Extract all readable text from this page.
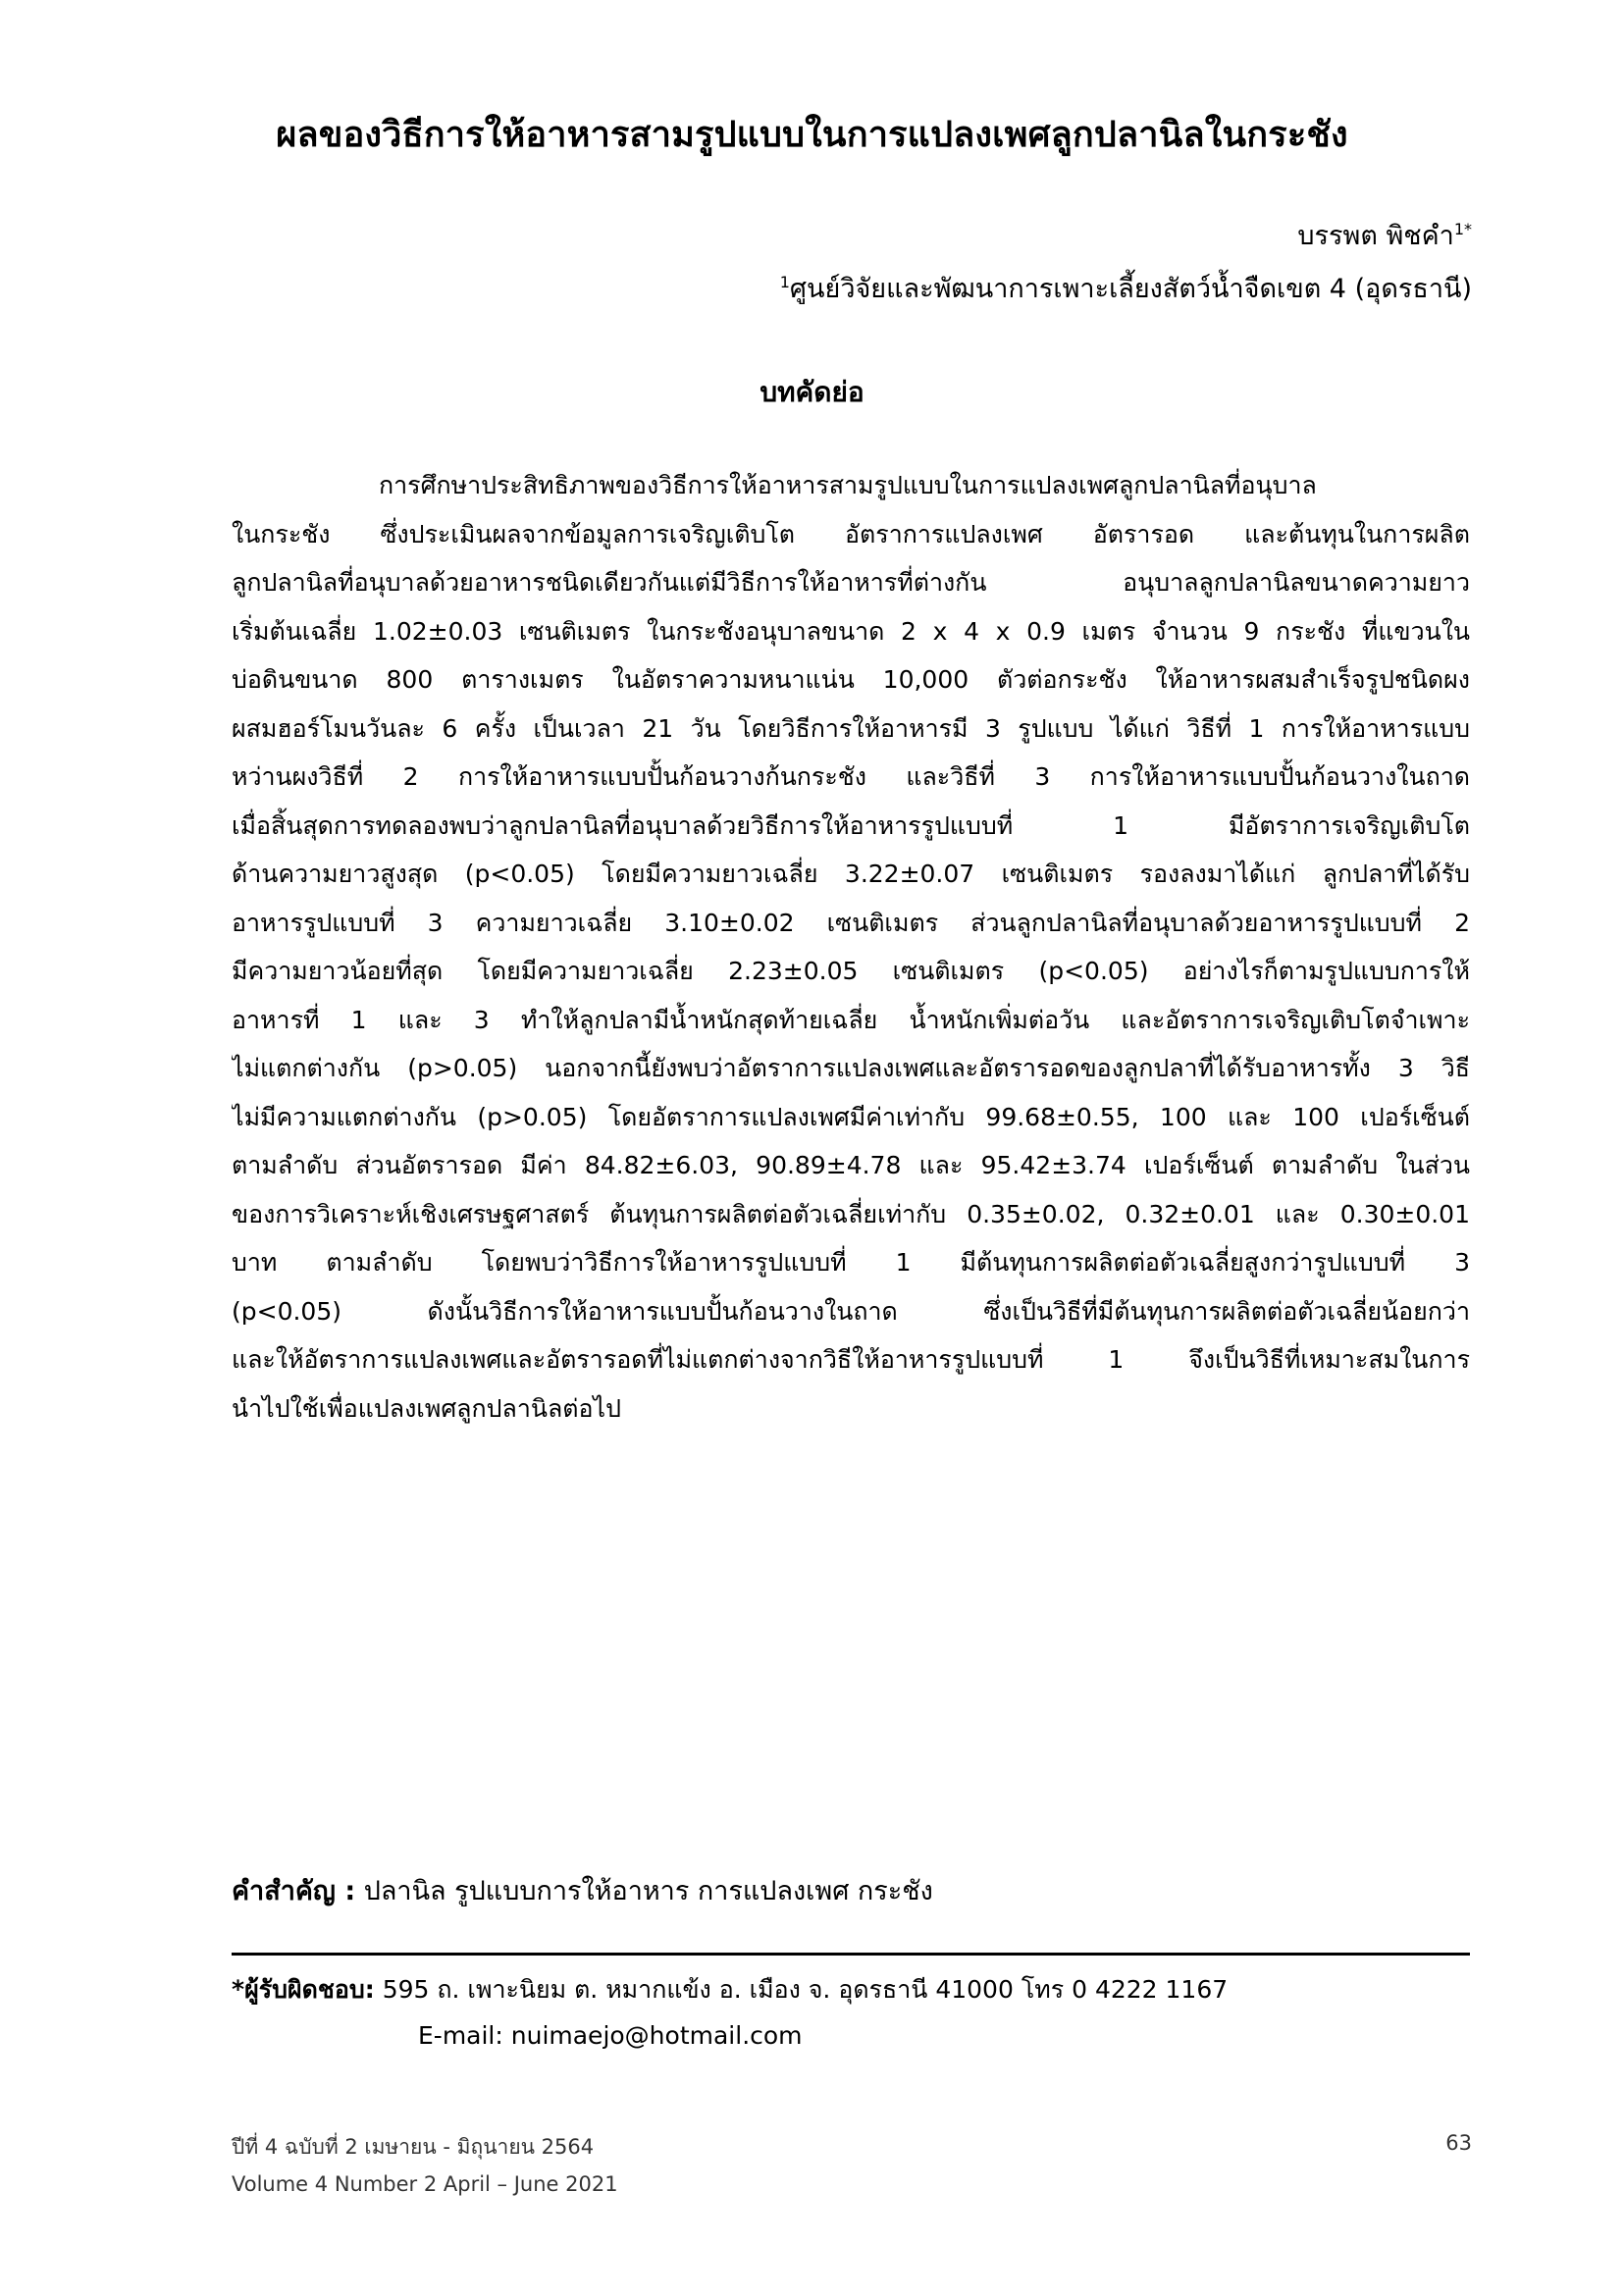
ผลของวิธีการให้อาหารสามรูปแบบในการแปลงเพศลูกปลานิลในกระชัง
บรรพต พิชคำ$^{1*}$
$^1$ศูนย์วิจัยและพัฒนาการเพาะเลี้ยงสัตว์น้ำจืดเขต 4 (อุดรธานี)
บทคัดย่อ
การศึกษาประสิทธิภาพของวิธีการให้อาหารสามรูปแบบในการแปลงเพศลูกปลานิลที่อนุบาล
ในกระชัง ซึ่งประเมินผลจากข้อมูลการเจริญเติบโต อัตราการแปลงเพศ อัตรารอด และต้นทุนในการผลิต
ลูกปลานิลที่อนุบาลด้วยอาหารชนิดเดียวกันแต่มีวิธีการให้อาหารที่ต่างกัน อนุบาลลูกปลานิลขนาดความยาว
เริ่มต้นเฉลี่ย 1.02±0.03 เซนติเมตร ในกระชังอนุบาลขนาด 2 x 4 x 0.9 เมตร จำนวน 9 กระชัง ที่แขวนใน
บ่อดินขนาด 800 ตารางเมตร ในอัตราความหนาแน่น 10,000 ตัวต่อกระชัง ให้อาหารผสมสำเร็จรูปชนิดผง
ผสมฮอร์โมนวันละ 6 ครั้ง เป็นเวลา 21 วัน โดยวิธีการให้อาหารมี 3 รูปแบบ ได้แก่ วิธีที่ 1 การให้อาหารแบบ
หว่านผงวิธีที่ 2 การให้อาหารแบบปั้นก้อนวางก้นกระชัง และวิธีที่ 3 การให้อาหารแบบปั้นก้อนวางในถาด
เมื่อสิ้นสุดการทดลองพบว่าลูกปลานิลที่อนุบาลด้วยวิธีการให้อาหารรูปแบบที่ 1 มีอัตราการเจริญเติบโต
ด้านความยาวสูงสุด (p<0.05) โดยมีความยาวเฉลี่ย 3.22±0.07 เซนติเมตร รองลงมาได้แก่ ลูกปลาที่ได้รับ
อาหารรูปแบบที่ 3 ความยาวเฉลี่ย 3.10±0.02 เซนติเมตร ส่วนลูกปลานิลที่อนุบาลด้วยอาหารรูปแบบที่ 2
มีความยาวน้อยที่สุด โดยมีความยาวเฉลี่ย 2.23±0.05 เซนติเมตร (p<0.05) อย่างไรก็ตามรูปแบบการให้
อาหารที่ 1 และ 3 ทำให้ลูกปลามีน้ำหนักสุดท้ายเฉลี่ย น้ำหนักเพิ่มต่อวัน และอัตราการเจริญเติบโตจำเพาะ
ไม่แตกต่างกัน (p>0.05) นอกจากนี้ยังพบว่าอัตราการแปลงเพศและอัตรารอดของลูกปลาที่ได้รับอาหารทั้ง 3 วิธี
ไม่มีความแตกต่างกัน (p>0.05) โดยอัตราการแปลงเพศมีค่าเท่ากับ 99.68±0.55, 100 และ 100 เปอร์เซ็นต์
ตามลำดับ ส่วนอัตรารอด มีค่า 84.82±6.03, 90.89±4.78 และ 95.42±3.74 เปอร์เซ็นต์ ตามลำดับ ในส่วน
ของการวิเคราะห์เชิงเศรษฐศาสตร์ ต้นทุนการผลิตต่อตัวเฉลี่ยเท่ากับ 0.35±0.02, 0.32±0.01 และ 0.30±0.01
บาท ตามลำดับ โดยพบว่าวิธีการให้อาหารรูปแบบที่ 1 มีต้นทุนการผลิตต่อตัวเฉลี่ยสูงกว่ารูปแบบที่ 3
(p<0.05) ดังนั้นวิธีการให้อาหารแบบปั้นก้อนวางในถาด ซึ่งเป็นวิธีที่มีต้นทุนการผลิตต่อตัวเฉลี่ยน้อยกว่า
และให้อัตราการแปลงเพศและอัตรารอดที่ไม่แตกต่างจากวิธีให้อาหารรูปแบบที่ 1 จึงเป็นวิธีที่เหมาะสมในการ
นำไปใช้เพื่อแปลงเพศลูกปลานิลต่อไป
คำสำคัญ : ปลานิล รูปแบบการให้อาหาร การแปลงเพศ กระชัง
*ผู้รับผิดชอบ: 595 ถ. เพาะนิยม ต. หมากแข้ง อ. เมือง จ. อุดรธานี 41000 โทร 0 4222 1167
E-mail: nuimaejo@hotmail.com
ปีที่ 4 ฉบับที่ 2 เมษายน - มิถุนายน 2564
Volume 4 Number 2 April – June 2021
63
